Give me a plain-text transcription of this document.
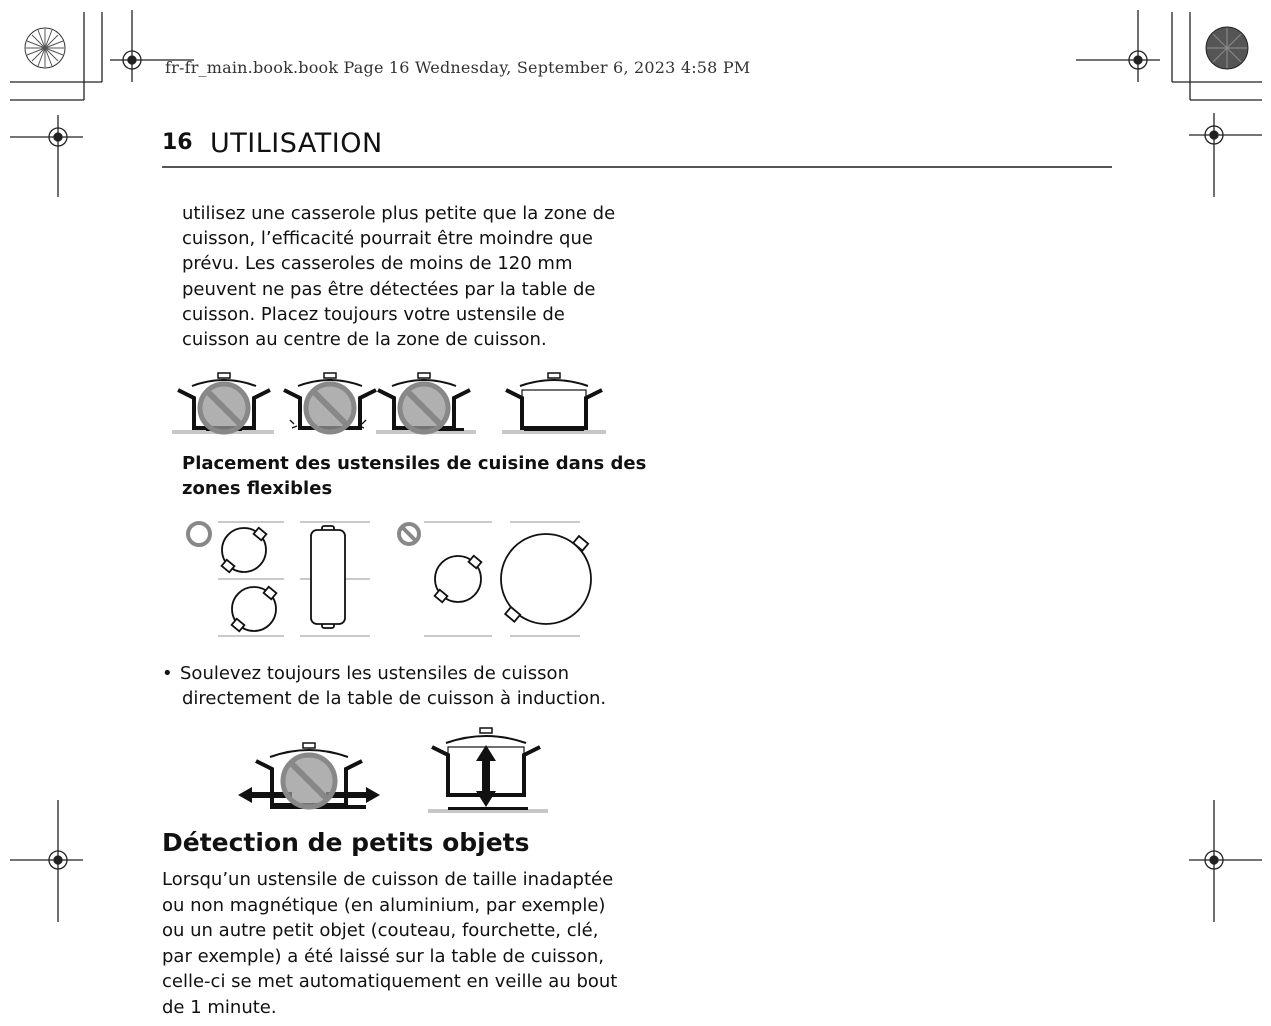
fr-fr_main.book.book Page 16 Wednesday, September 6, 2023 4:58 PM
16 UTILISATION
utilisez une casserole plus petite que la zone de
cuisson, l’efficacité pourrait être moindre que
prévu. Les casseroles de moins de 120 mm
peuvent ne pas être détectées par la table de
cuisson. Placez toujours votre ustensile de
cuisson au centre de la zone de cuisson.
Placement des ustensiles de cuisine dans des
zones flexibles
• Soulevez toujours les ustensiles de cuisson
directement de la table de cuisson à induction.
Détection de petits objets
Lorsqu’un ustensile de cuisson de taille inadaptée
ou non magnétique (en aluminium, par exemple)
ou un autre petit objet (couteau, fourchette, clé,
par exemple) a été laissé sur la table de cuisson,
celle-ci se met automatiquement en veille au bout
de 1 minute.
